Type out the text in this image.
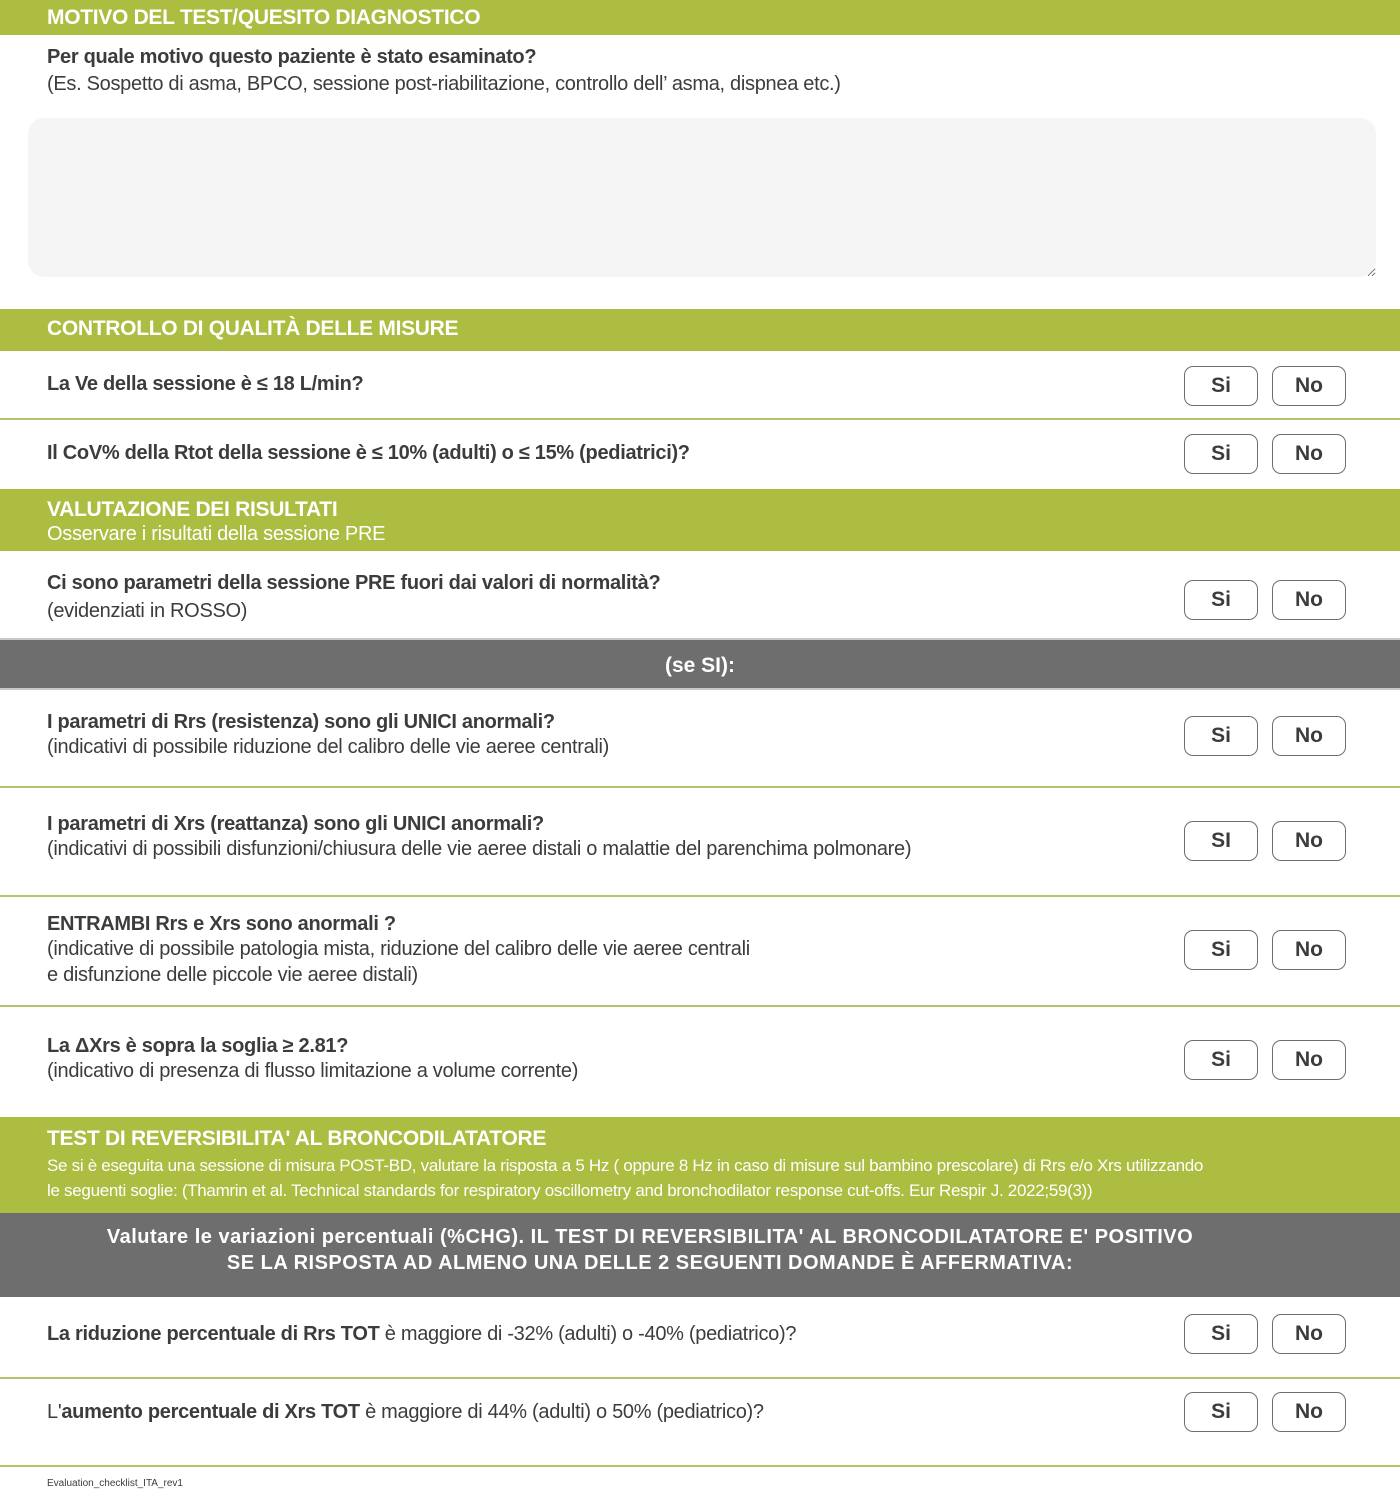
MOTIVO DEL TEST/QUESITO DIAGNOSTICO
Per quale motivo questo paziente è stato esaminato?
(Es. Sospetto di asma, BPCO, sessione post-riabilitazione, controllo dell’ asma, dispnea etc.)
CONTROLLO DI QUALITÀ DELLE MISURE
La Ve della sessione è ≤ 18 L/min?	Si	No
Il CoV% della Rtot della sessione è ≤ 10% (adulti) o ≤ 15% (pediatrici)?	Si	No
VALUTAZIONE DEI RISULTATI
Osservare i risultati della sessione PRE
Ci sono parametri della sessione PRE fuori dai valori di normalità?
(evidenziati in ROSSO)	Si	No
(se SI):
I parametri di Rrs (resistenza) sono gli UNICI anormali?
(indicativi di possibile riduzione del calibro delle vie aeree centrali)	Si	No
I parametri di Xrs (reattanza) sono gli UNICI anormali?
(indicativi di possibili disfunzioni/chiusura delle vie aeree distali o malattie del parenchima polmonare)	SI	No
ENTRAMBI Rrs e Xrs sono anormali ?
(indicative di possibile patologia mista, riduzione del calibro delle vie aeree centrali
e disfunzione delle piccole vie aeree distali)
Si	No
La ΔXrs è sopra la soglia ≥ 2.81?
(indicativo di presenza di flusso limitazione a volume corrente)	Si	No
TEST DI REVERSIBILITA' AL BRONCODILATATORE
Se si è eseguita una sessione di misura POST-BD, valutare la risposta a 5 Hz ( oppure 8 Hz in caso di misure sul bambino prescolare) di Rrs e/o Xrs utilizzando
le seguenti soglie: (Thamrin et al. Technical standards for respiratory oscillometry and bronchodilator response cut-offs. Eur Respir J. 2022;59(3))
Valutare le variazioni percentuali (%CHG). IL TEST DI REVERSIBILITA' AL BRONCODILATATORE E' POSITIVO
SE LA RISPOSTA AD ALMENO UNA DELLE 2 SEGUENTI DOMANDE È AFFERMATIVA:
La riduzione percentuale di Rrs TOT è maggiore di -32% (adulti) o -40% (pediatrico)?	Si	No
L'aumento percentuale di Xrs TOT è maggiore di 44% (adulti) o 50% (pediatrico)?	Si	No
Evaluation_checklist_ITA_rev1
